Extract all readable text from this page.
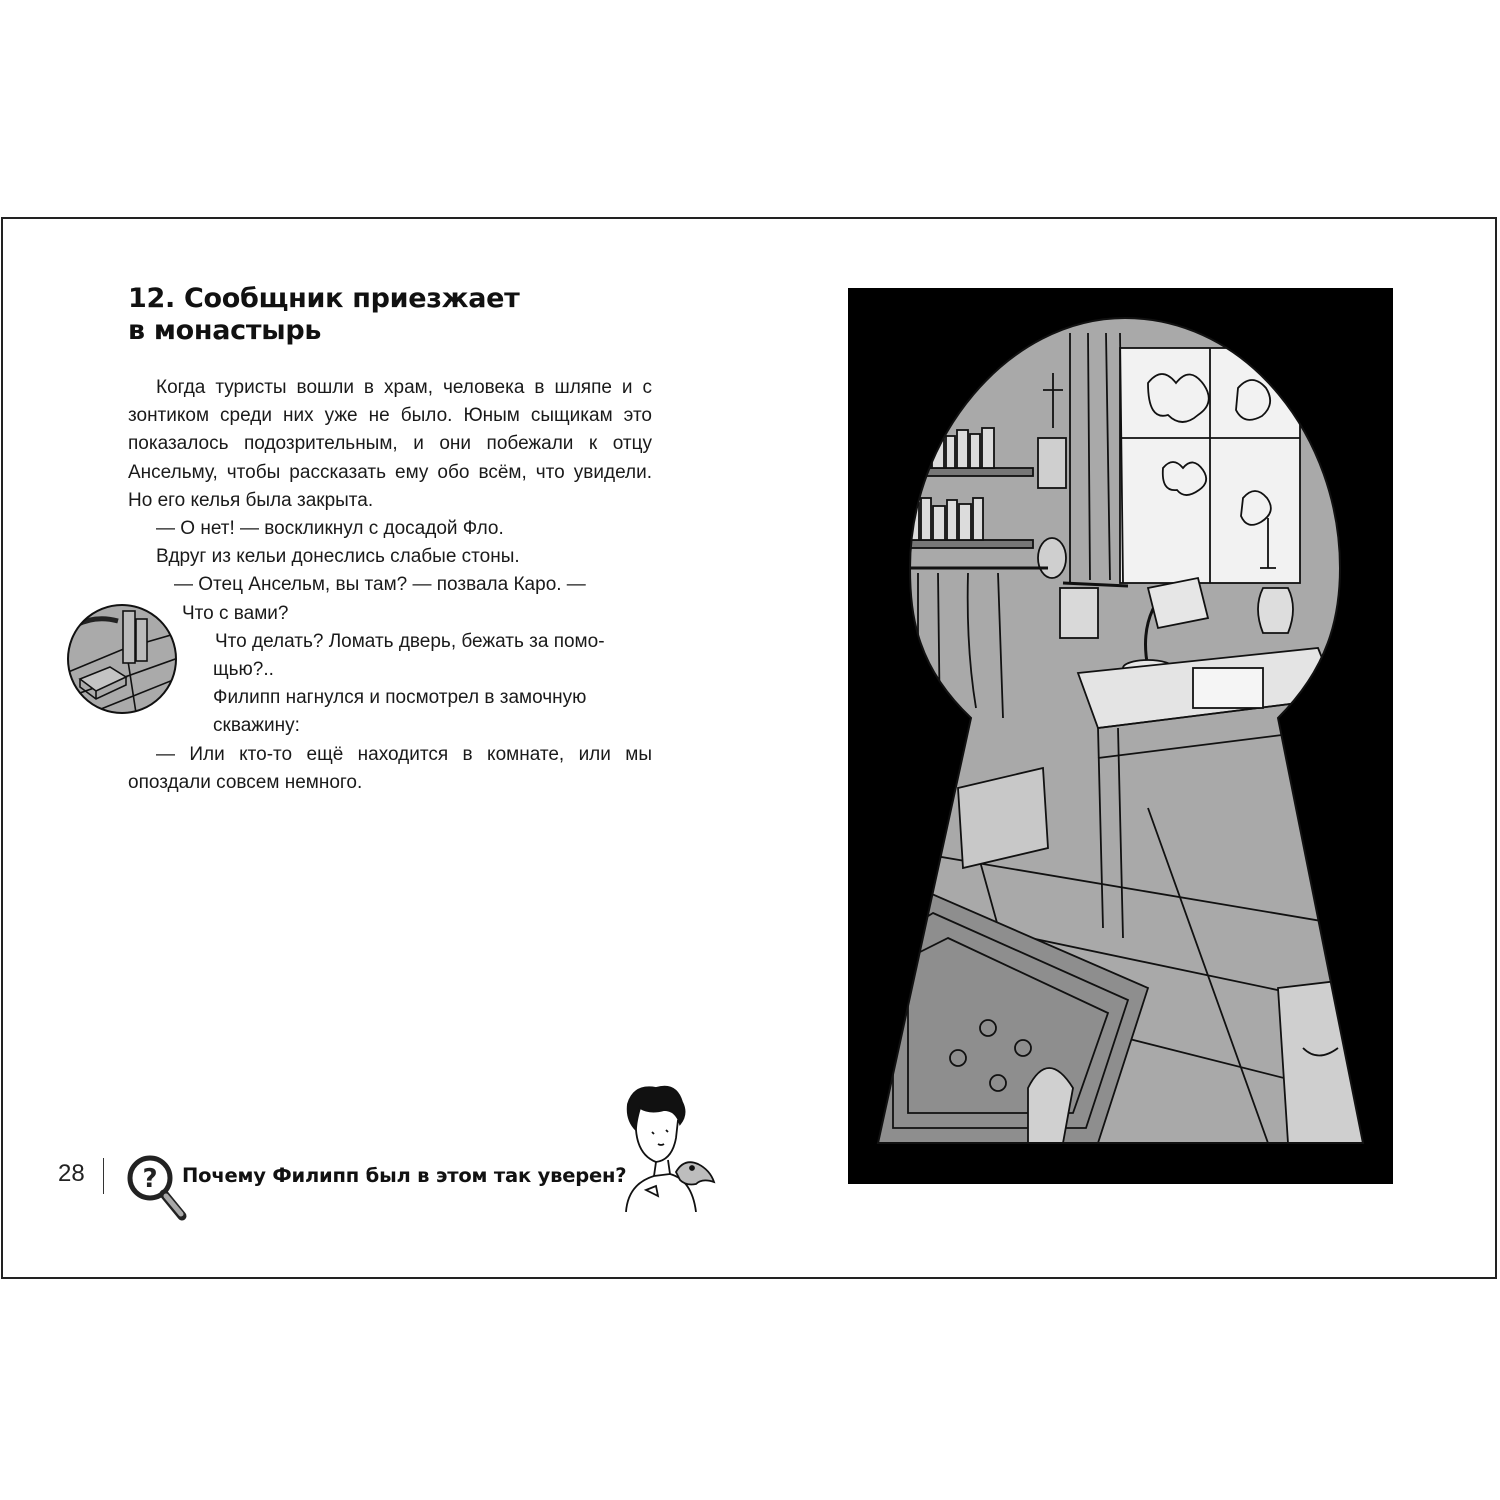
12. Сообщник приезжает
в монастырь

Когда туристы вошли в храм, человека в шляпе и с зонтиком среди них уже не было. Юным сыщикам это показалось подозрительным, и они побежали к отцу Ансельму, чтобы рассказать ему обо всём, что увидели. Но его келья была закрыта.

— О нет! — воскликнул с досадой Фло.

Вдруг из кельи донеслись слабые стоны.

— Отец Ансельм, вы там? — позвала Каро. —

Что с вами?

Что делать? Ломать дверь, бежать за помо-

щью?..

Филипп нагнулся и посмотрел в замочную

скважину:

— Или кто-то ещё находится в комнате, или мы опоздали совсем немного.

28 ? Почему Филипп был в этом так уверен?
